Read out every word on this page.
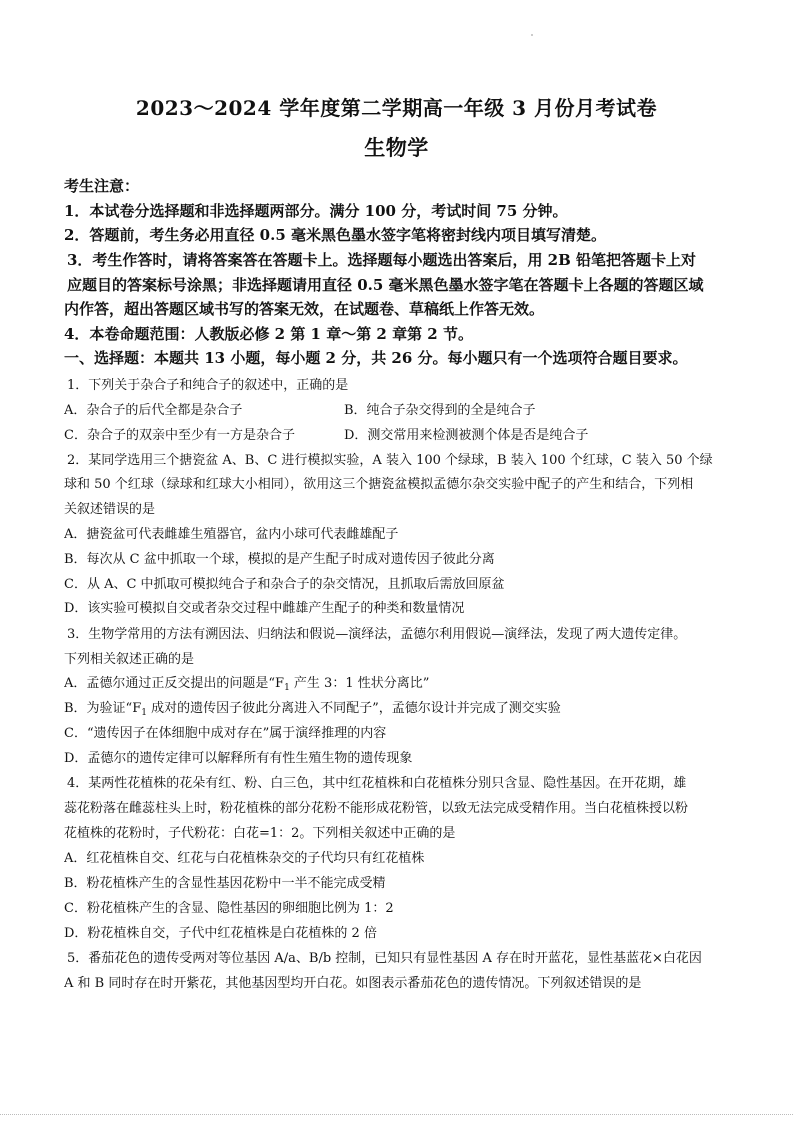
2023～2024 学年度第二学期高一年级 3 月份月考试卷
生物学
考生注意：
1．本试卷分选择题和非选择题两部分。满分 100 分，考试时间 75 分钟。
2．答题前，考生务必用直径 0.5 毫米黑色墨水签字笔将密封线内项目填写清楚。
3．考生作答时，请将答案答在答题卡上。选择题每小题选出答案后，用 2B 铅笔把答题卡上对
应题目的答案标号涂黑；非选择题请用直径 0.5 毫米黑色墨水签字笔在答题卡上各题的答题区域
内作答，超出答题区域书写的答案无效，在试题卷、草稿纸上作答无效。
4．本卷命题范围：人教版必修 2 第 1 章～第 2 章第 2 节。
一、选择题：本题共 13 小题，每小题 2 分，共 26 分。每小题只有一个选项符合题目要求。
1．下列关于杂合子和纯合子的叙述中，正确的是
A．杂合子的后代全都是杂合子	B．纯合子杂交得到的全是纯合子
C．杂合子的双亲中至少有一方是杂合子	D．测交常用来检测被测个体是否是纯合子
2．某同学选用三个搪瓷盆 A、B、C 进行模拟实验，A 装入 100 个绿球，B 装入 100 个红球，C 装入 50 个绿
球和 50 个红球（绿球和红球大小相同），欲用这三个搪瓷盆模拟孟德尔杂交实验中配子的产生和结合，下列相
关叙述错误的是
A．搪瓷盆可代表雌雄生殖器官，盆内小球可代表雌雄配子
B．每次从 C 盆中抓取一个球，模拟的是产生配子时成对遗传因子彼此分离
C．从 A、C 中抓取可模拟纯合子和杂合子的杂交情况，且抓取后需放回原盆
D．该实验可模拟自交或者杂交过程中雌雄产生配子的种类和数量情况
3．生物学常用的方法有溯因法、归纳法和假说—演绎法，孟德尔利用假说—演绎法，发现了两大遗传定律。
下列相关叙述正确的是
A．孟德尔通过正反交提出的问题是“$F_1$ 产生 3：1 性状分离比”
B．为验证“$F_1$ 成对的遗传因子彼此分离进入不同配子”，孟德尔设计并完成了测交实验
C．“遗传因子在体细胞中成对存在”属于演绎推理的内容
D．孟德尔的遗传定律可以解释所有有性生殖生物的遗传现象
4．某两性花植株的花朵有红、粉、白三色，其中红花植株和白花植株分别只含显、隐性基因。在开花期，雄
蕊花粉落在雌蕊柱头上时，粉花植株的部分花粉不能形成花粉管，以致无法完成受精作用。当白花植株授以粉
花植株的花粉时，子代粉花：白花=1：2。下列相关叙述中正确的是
A．红花植株自交、红花与白花植株杂交的子代均只有红花植株
B．粉花植株产生的含显性基因花粉中一半不能完成受精
C．粉花植株产生的含显、隐性基因的卵细胞比例为 1：2
D．粉花植株自交，子代中红花植株是白花植株的 2 倍
5．番茄花色的遗传受两对等位基因 A/a、B/b 控制，已知只有显性基因 A 存在时开蓝花，显性基蓝花×白花因
A 和 B 同时存在时开紫花，其他基因型均开白花。如图表示番茄花色的遗传情况。下列叙述错误的是
